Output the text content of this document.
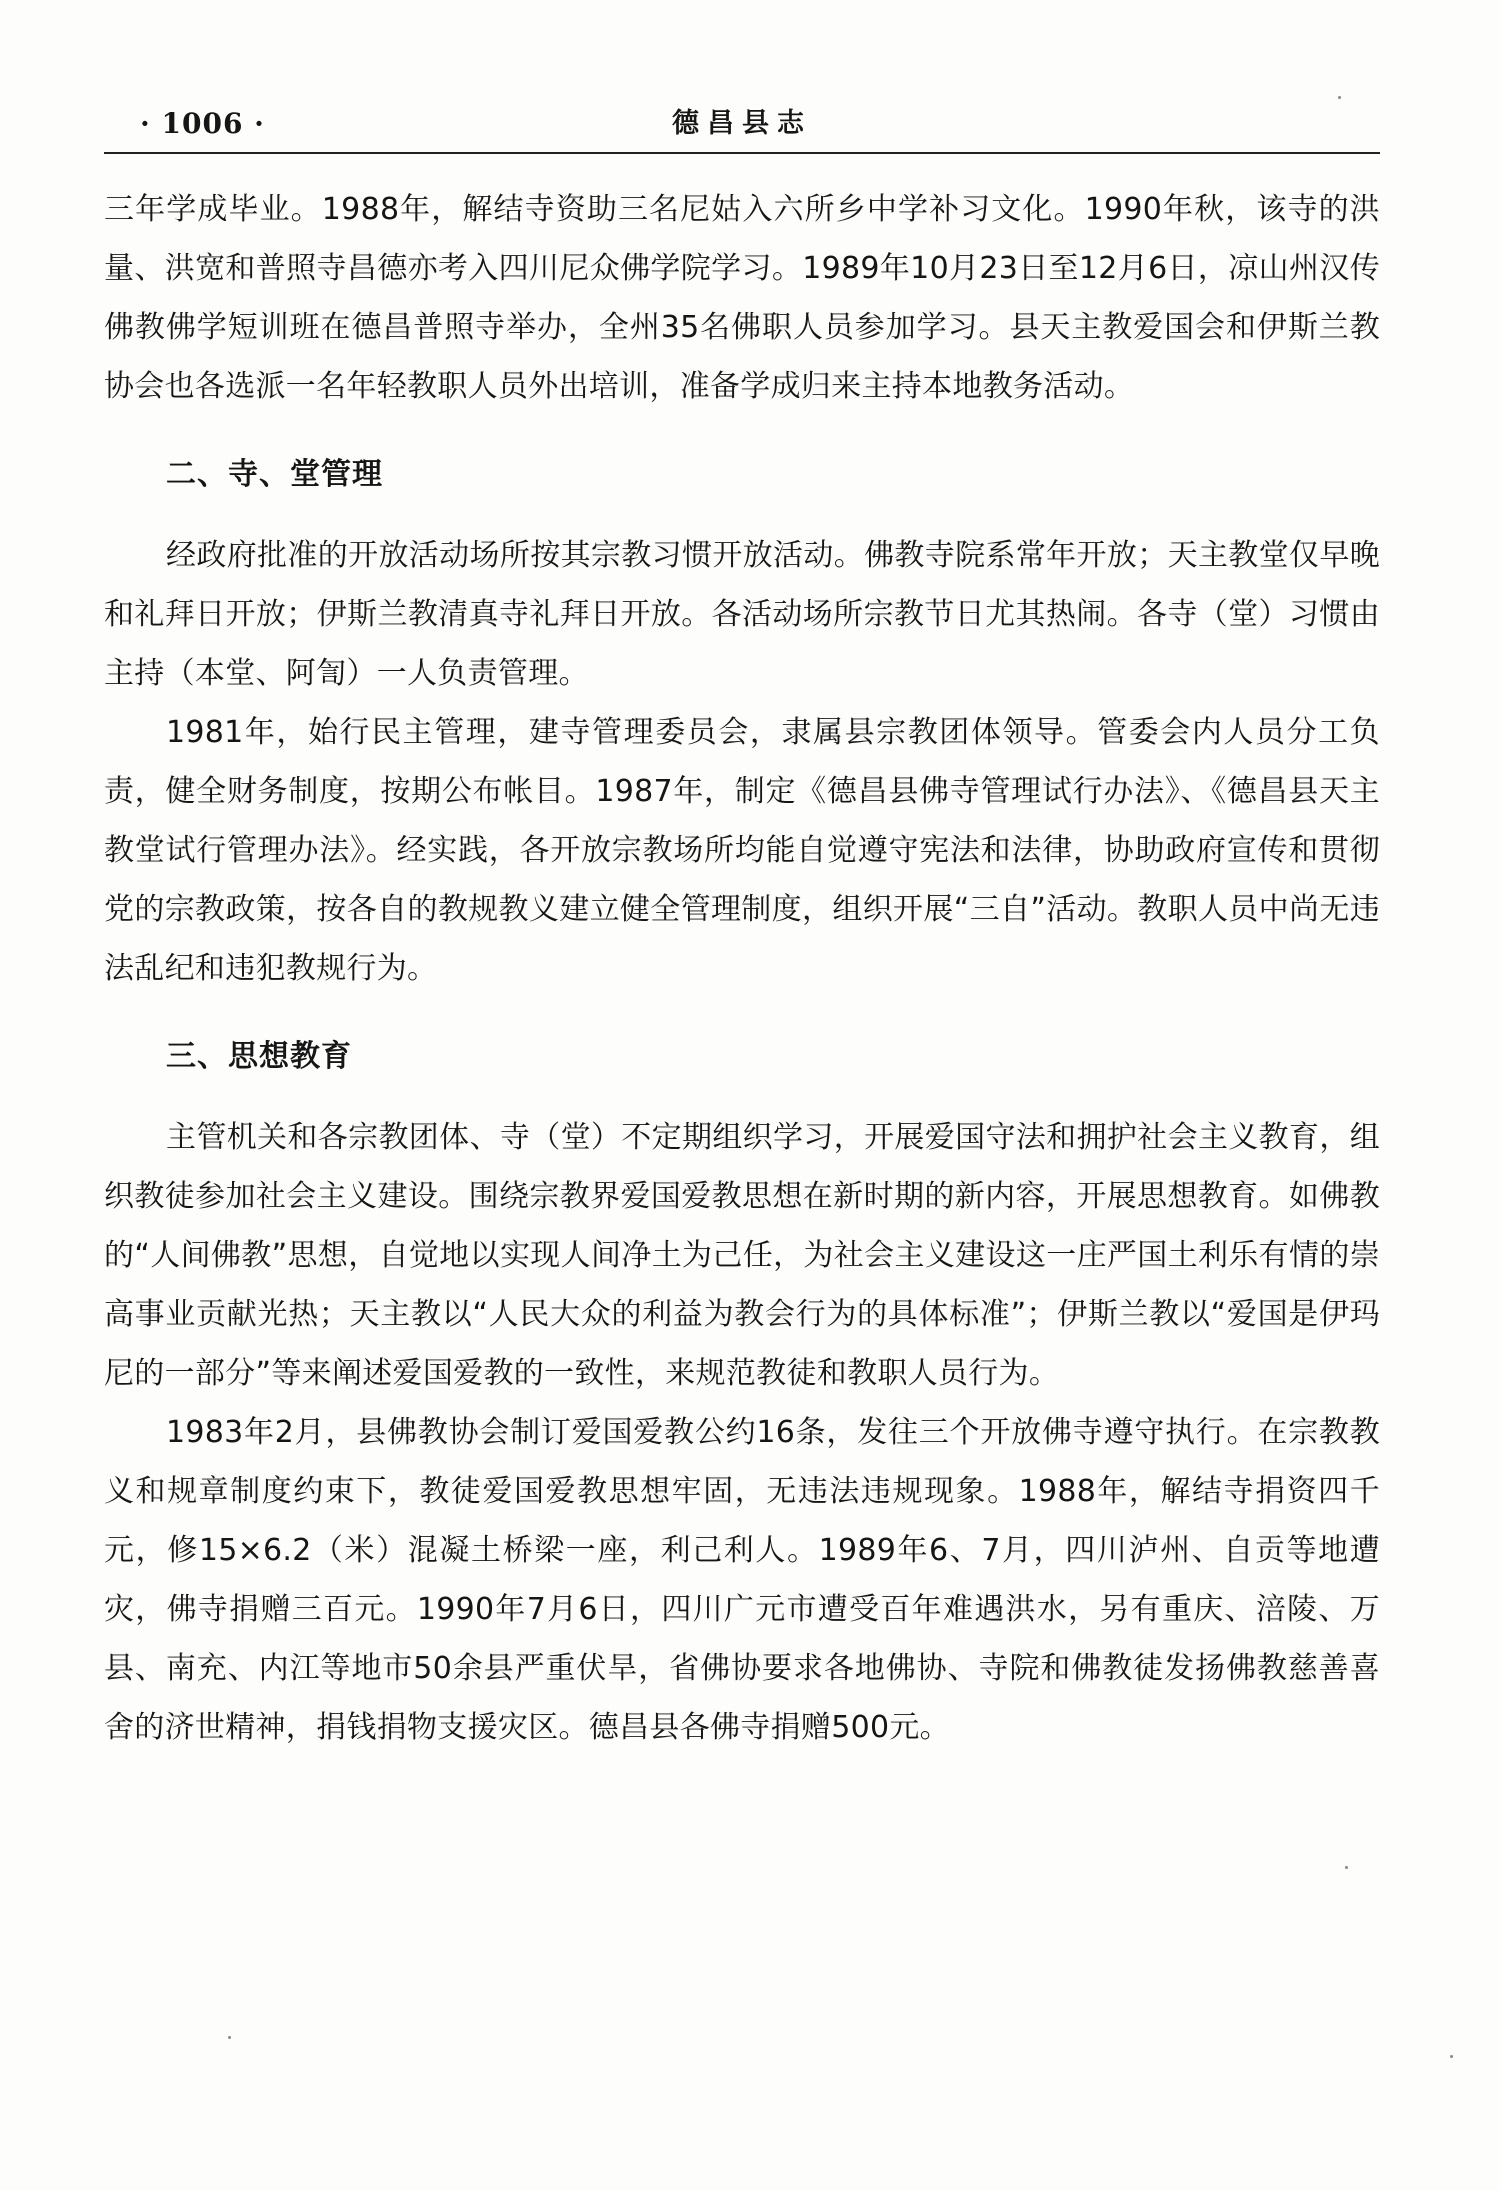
· 1006 ·	德昌县志

三年学成毕业。1988年，解结寺资助三名尼姑入六所乡中学补习文化。1990年秋，该寺的洪量、洪宽和普照寺昌德亦考入四川尼众佛学院学习。1989年10月23日至12月6日，凉山州汉传佛教佛学短训班在德昌普照寺举办，全州35名佛职人员参加学习。县天主教爱国会和伊斯兰教协会也各选派一名年轻教职人员外出培训，准备学成归来主持本地教务活动。

二、寺、堂管理

经政府批准的开放活动场所按其宗教习惯开放活动。佛教寺院系常年开放；天主教堂仅早晚和礼拜日开放；伊斯兰教清真寺礼拜日开放。各活动场所宗教节日尤其热闹。各寺（堂）习惯由主持（本堂、阿訇）一人负责管理。

1981年，始行民主管理，建寺管理委员会，隶属县宗教团体领导。管委会内人员分工负责，健全财务制度，按期公布帐目。1987年，制定《德昌县佛寺管理试行办法》、《德昌县天主教堂试行管理办法》。经实践，各开放宗教场所均能自觉遵守宪法和法律，协助政府宣传和贯彻党的宗教政策，按各自的教规教义建立健全管理制度，组织开展“三自”活动。教职人员中尚无违法乱纪和违犯教规行为。

三、思想教育

主管机关和各宗教团体、寺（堂）不定期组织学习，开展爱国守法和拥护社会主义教育，组织教徒参加社会主义建设。围绕宗教界爱国爱教思想在新时期的新内容，开展思想教育。如佛教的“人间佛教”思想，自觉地以实现人间净土为己任，为社会主义建设这一庄严国土利乐有情的崇高事业贡献光热；天主教以“人民大众的利益为教会行为的具体标准”；伊斯兰教以“爱国是伊玛尼的一部分”等来阐述爱国爱教的一致性，来规范教徒和教职人员行为。

1983年2月，县佛教协会制订爱国爱教公约16条，发往三个开放佛寺遵守执行。在宗教教义和规章制度约束下，教徒爱国爱教思想牢固，无违法违规现象。1988年，解结寺捐资四千元，修15×6.2（米）混凝土桥梁一座，利己利人。1989年6、7月，四川泸州、自贡等地遭灾，佛寺捐赠三百元。1990年7月6日，四川广元市遭受百年难遇洪水，另有重庆、涪陵、万县、南充、内江等地市50余县严重伏旱，省佛协要求各地佛协、寺院和佛教徒发扬佛教慈善喜舍的济世精神，捐钱捐物支援灾区。德昌县各佛寺捐赠500元。
